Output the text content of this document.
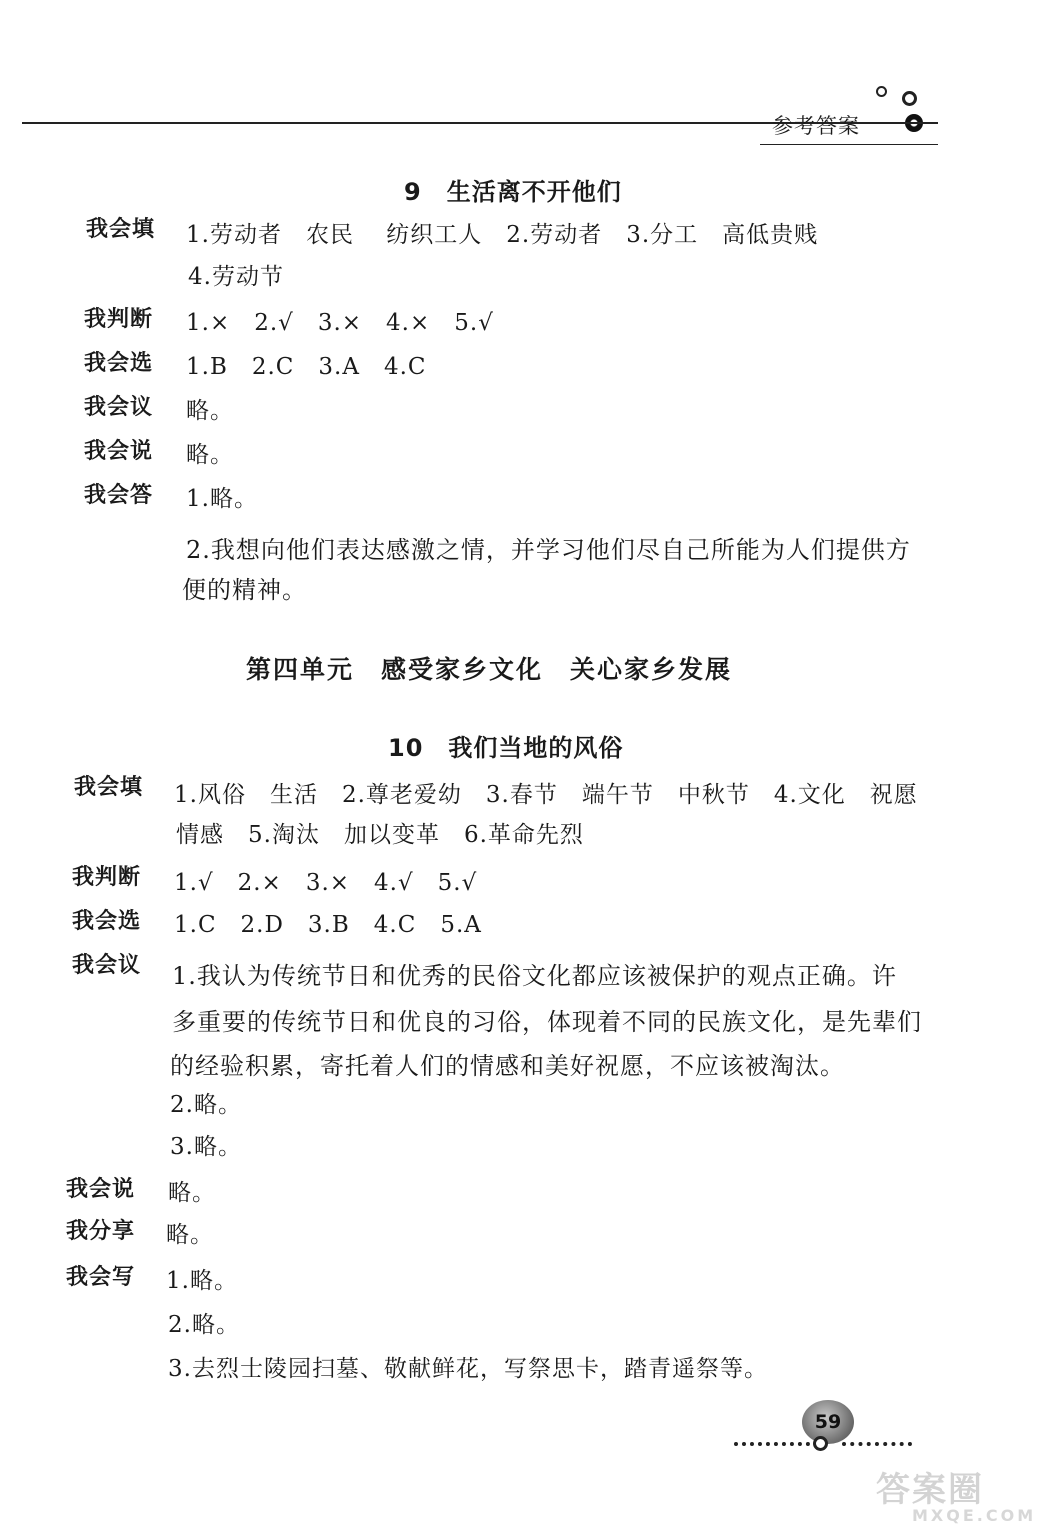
参考答案
9　生活离不开他们
我会填 1.劳动者　农民　 纺织工人　2.劳动者　3.分工　高低贵贱
4.劳动节
我判断 1.×　2.√　3.×　4.×　5.√
我会选 1.B　2.C　3.A　4.C
我会议 略。
我会说 略。
我会答 1.略。
2.我想向他们表达感激之情，并学习他们尽自己所能为人们提供方
便的精神。
第四单元　感受家乡文化　关心家乡发展
10　我们当地的风俗
我会填 1.风俗　生活　2.尊老爱幼　3.春节　端午节　中秋节　4.文化　祝愿
情感　5.淘汰　加以变革　6.革命先烈
我判断 1.√　2.×　3.×　4.√　5.√
我会选 1.C　2.D　3.B　4.C　5.A
我会议 1.我认为传统节日和优秀的民俗文化都应该被保护的观点正确。许
多重要的传统节日和优良的习俗，体现着不同的民族文化，是先辈们
的经验积累，寄托着人们的情感和美好祝愿，不应该被淘汰。
2.略。
3.略。
我会说 略。
我分享 略。
我会写 1.略。
2.略。
3.去烈士陵园扫墓、敬献鲜花，写祭思卡，踏青遥祭等。
59
答案圈
MXQE.COM
